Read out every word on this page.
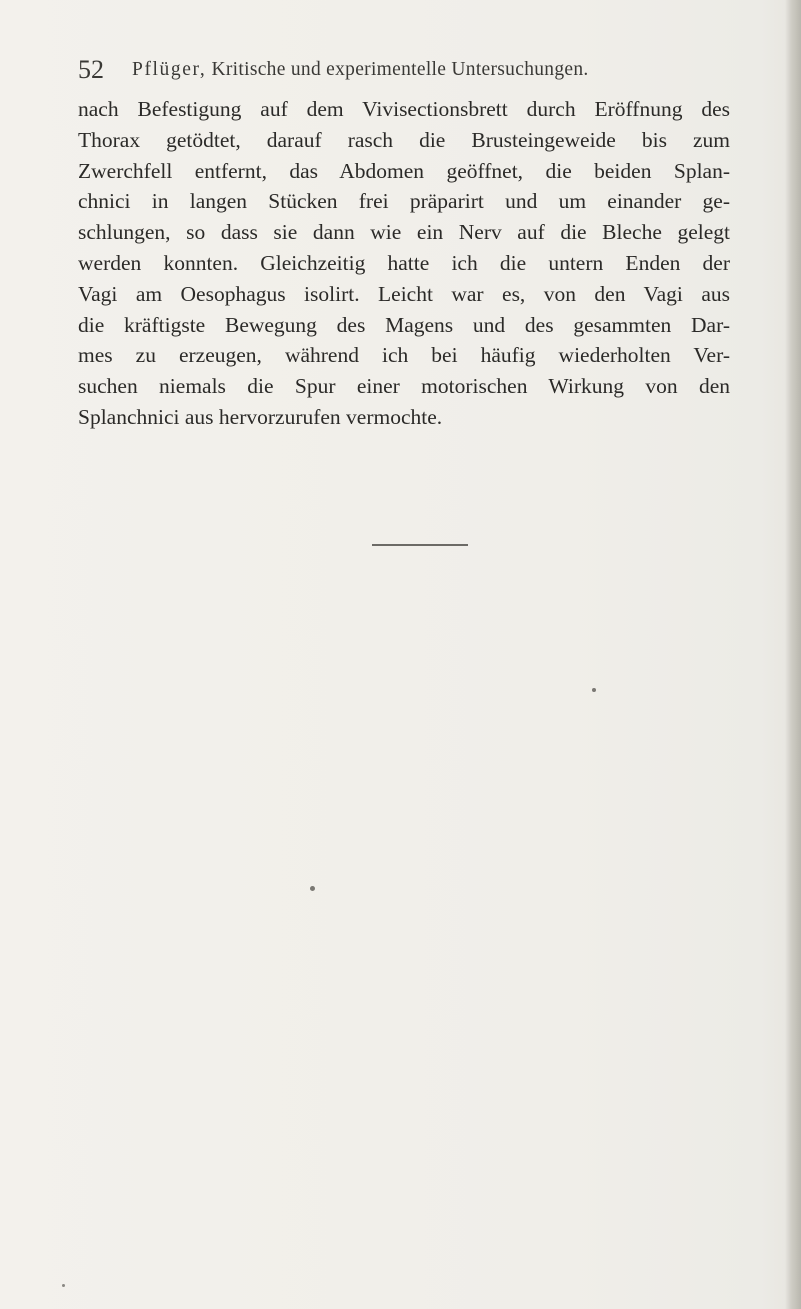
52 Pflüger, Kritische und experimentelle Untersuchungen.
nach Befestigung auf dem Vivisectionsbrett durch Eröffnung des
Thorax getödtet, darauf rasch die Brusteingeweide bis zum
Zwerchfell entfernt, das Abdomen geöffnet, die beiden Splan-
chnici in langen Stücken frei präparirt und um einander ge-
schlungen, so dass sie dann wie ein Nerv auf die Bleche gelegt
werden konnten. Gleichzeitig hatte ich die untern Enden der
Vagi am Oesophagus isolirt. Leicht war es, von den Vagi aus
die kräftigste Bewegung des Magens und des gesammten Dar-
mes zu erzeugen, während ich bei häufig wiederholten Ver-
suchen niemals die Spur einer motorischen Wirkung von den
Splanchnici aus hervorzurufen vermochte.
